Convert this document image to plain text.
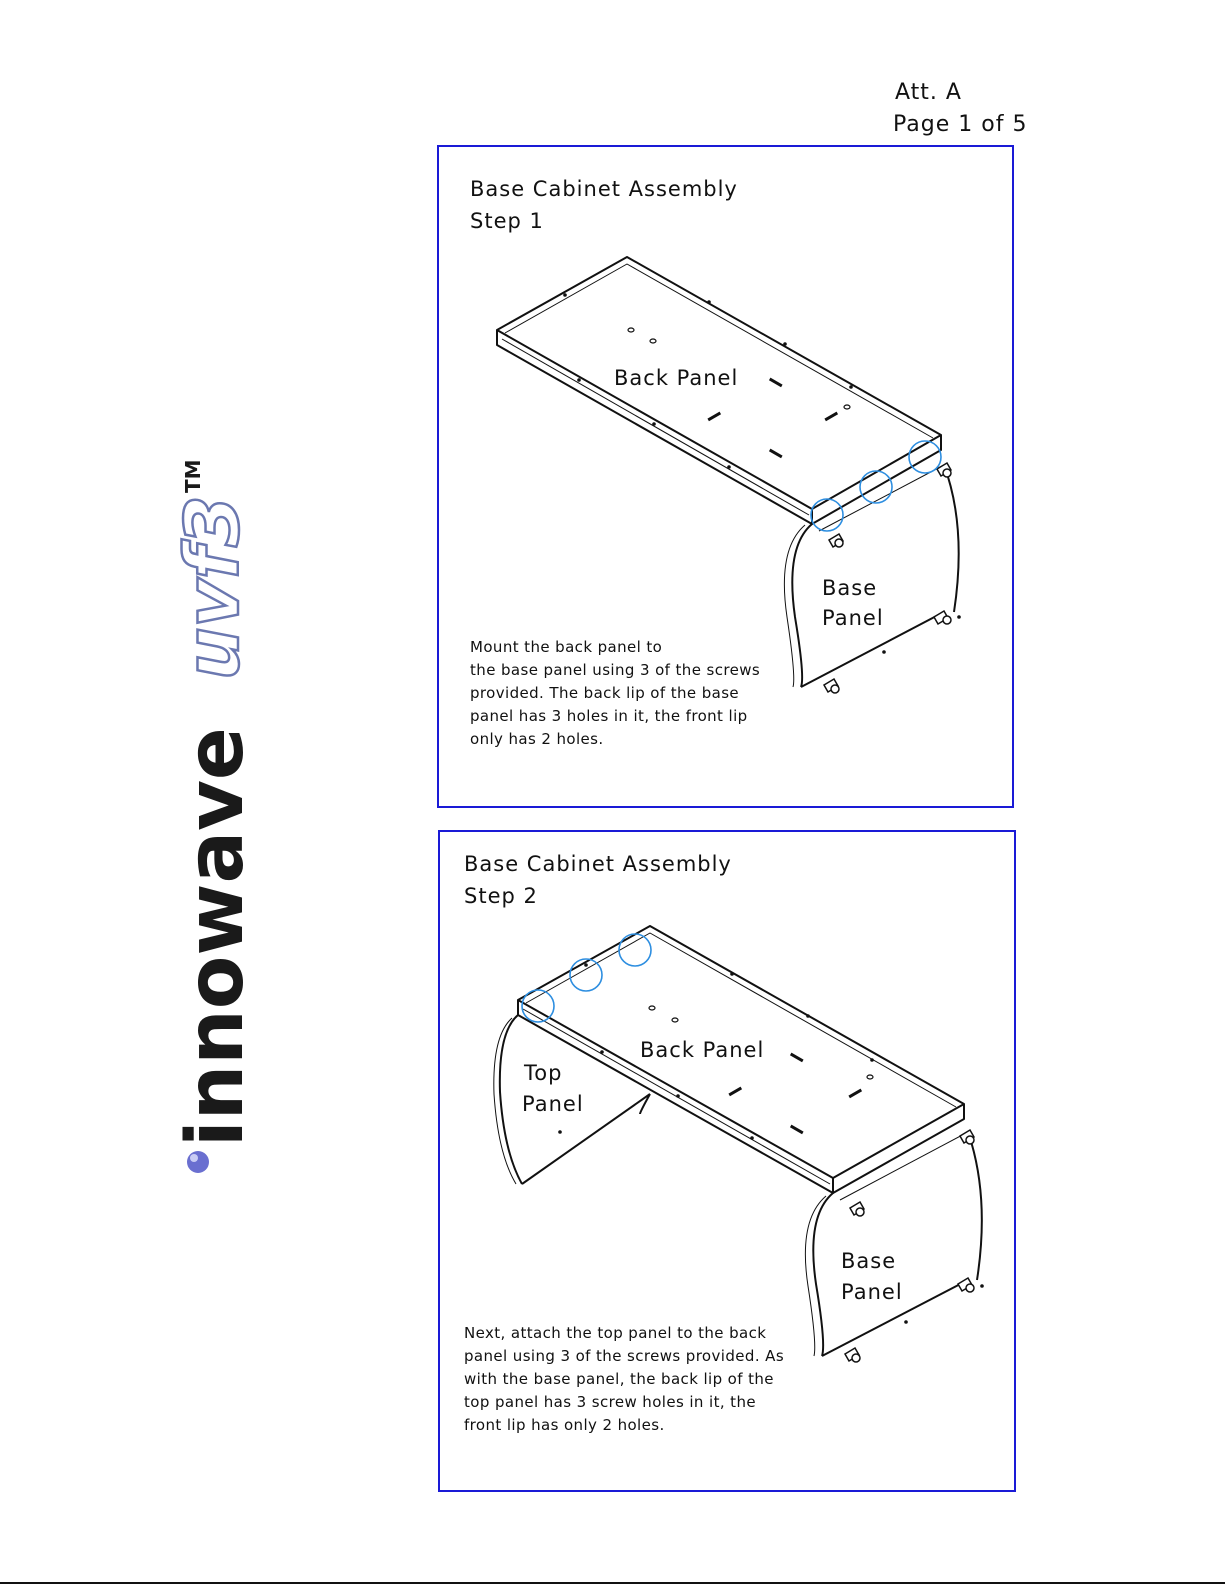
Att. A
Page 1 of 5
innowave
uvf3
TM
Base Cabinet Assembly
Step 1
Back Panel
Base
Panel
Mount the back panel to
the base panel using 3 of the screws
provided. The back lip of the base
panel has 3 holes in it, the front lip
only has 2 holes.
Base Cabinet Assembly
Step 2
Back Panel
Top
Panel
Base
Panel
Next, attach the top panel to the back
panel using 3 of the screws provided. As
with the base panel, the back lip of the
top panel has 3 screw holes in it, the
front lip has only 2 holes.
